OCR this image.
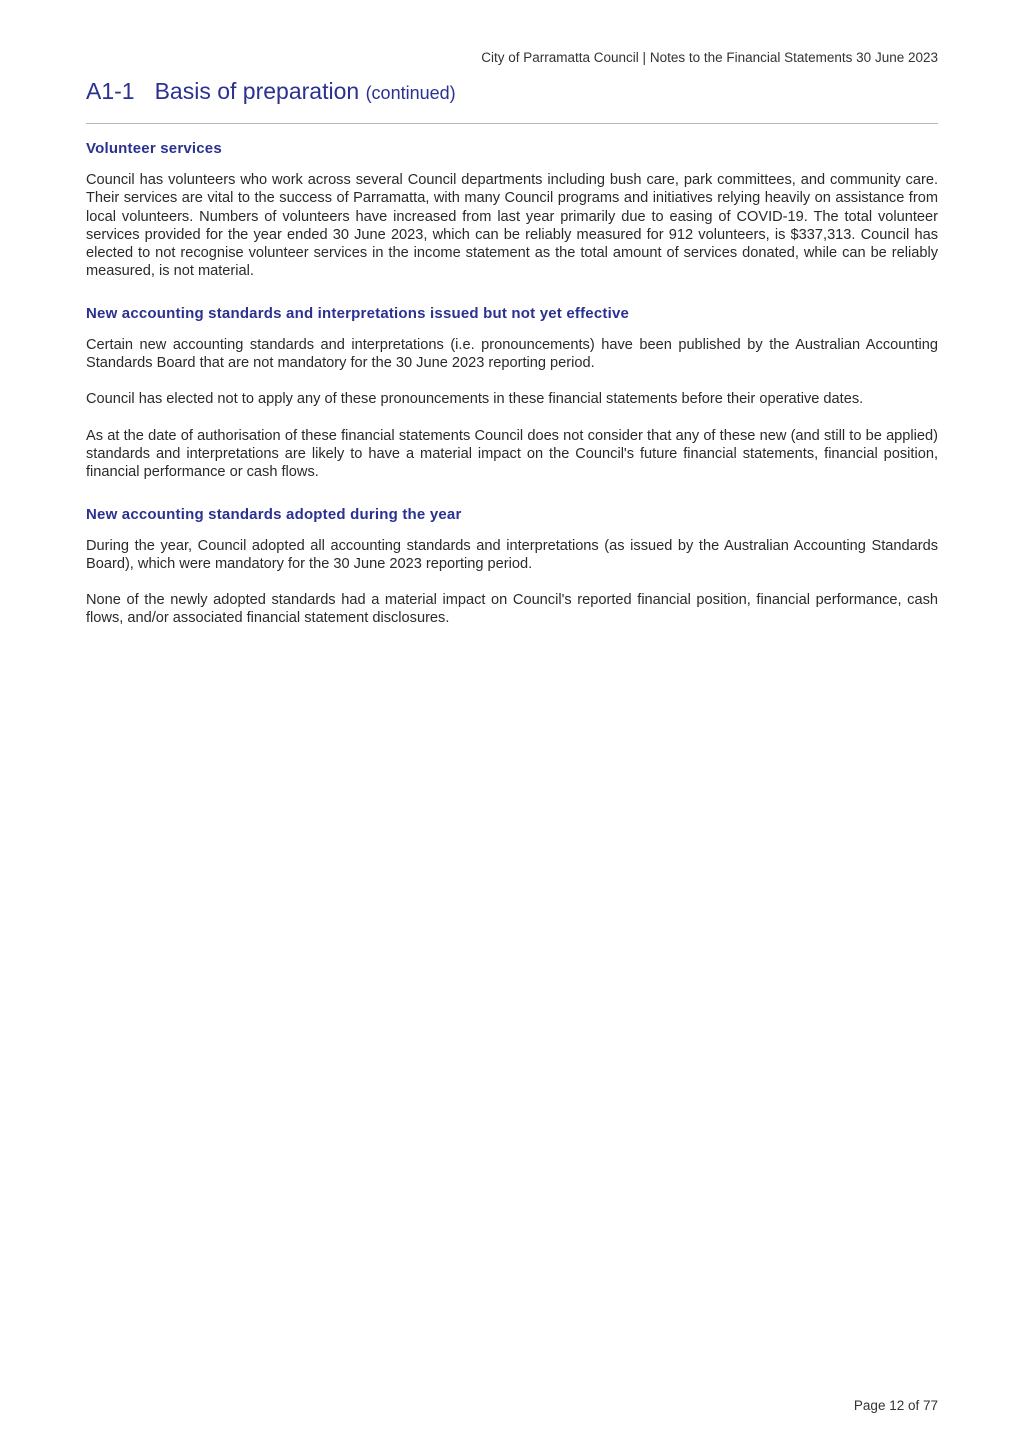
City of Parramatta Council | Notes to the Financial Statements 30 June 2023
A1-1 Basis of preparation (continued)
Volunteer services

Council has volunteers who work across several Council departments including bush care, park committees, and community care. Their services are vital to the success of Parramatta, with many Council programs and initiatives relying heavily on assistance from local volunteers. Numbers of volunteers have increased from last year primarily due to easing of COVID-19. The total volunteer services provided for the year ended 30 June 2023, which can be reliably measured for 912 volunteers, is $337,313. Council has elected to not recognise volunteer services in the income statement as the total amount of services donated, while can be reliably measured, is not material.

New accounting standards and interpretations issued but not yet effective

Certain new accounting standards and interpretations (i.e. pronouncements) have been published by the Australian Accounting Standards Board that are not mandatory for the 30 June 2023 reporting period.

Council has elected not to apply any of these pronouncements in these financial statements before their operative dates.

As at the date of authorisation of these financial statements Council does not consider that any of these new (and still to be applied) standards and interpretations are likely to have a material impact on the Council's future financial statements, financial position, financial performance or cash flows.

New accounting standards adopted during the year

During the year, Council adopted all accounting standards and interpretations (as issued by the Australian Accounting Standards Board), which were mandatory for the 30 June 2023 reporting period.

None of the newly adopted standards had a material impact on Council's reported financial position, financial performance, cash flows, and/or associated financial statement disclosures.

Page 12 of 77
